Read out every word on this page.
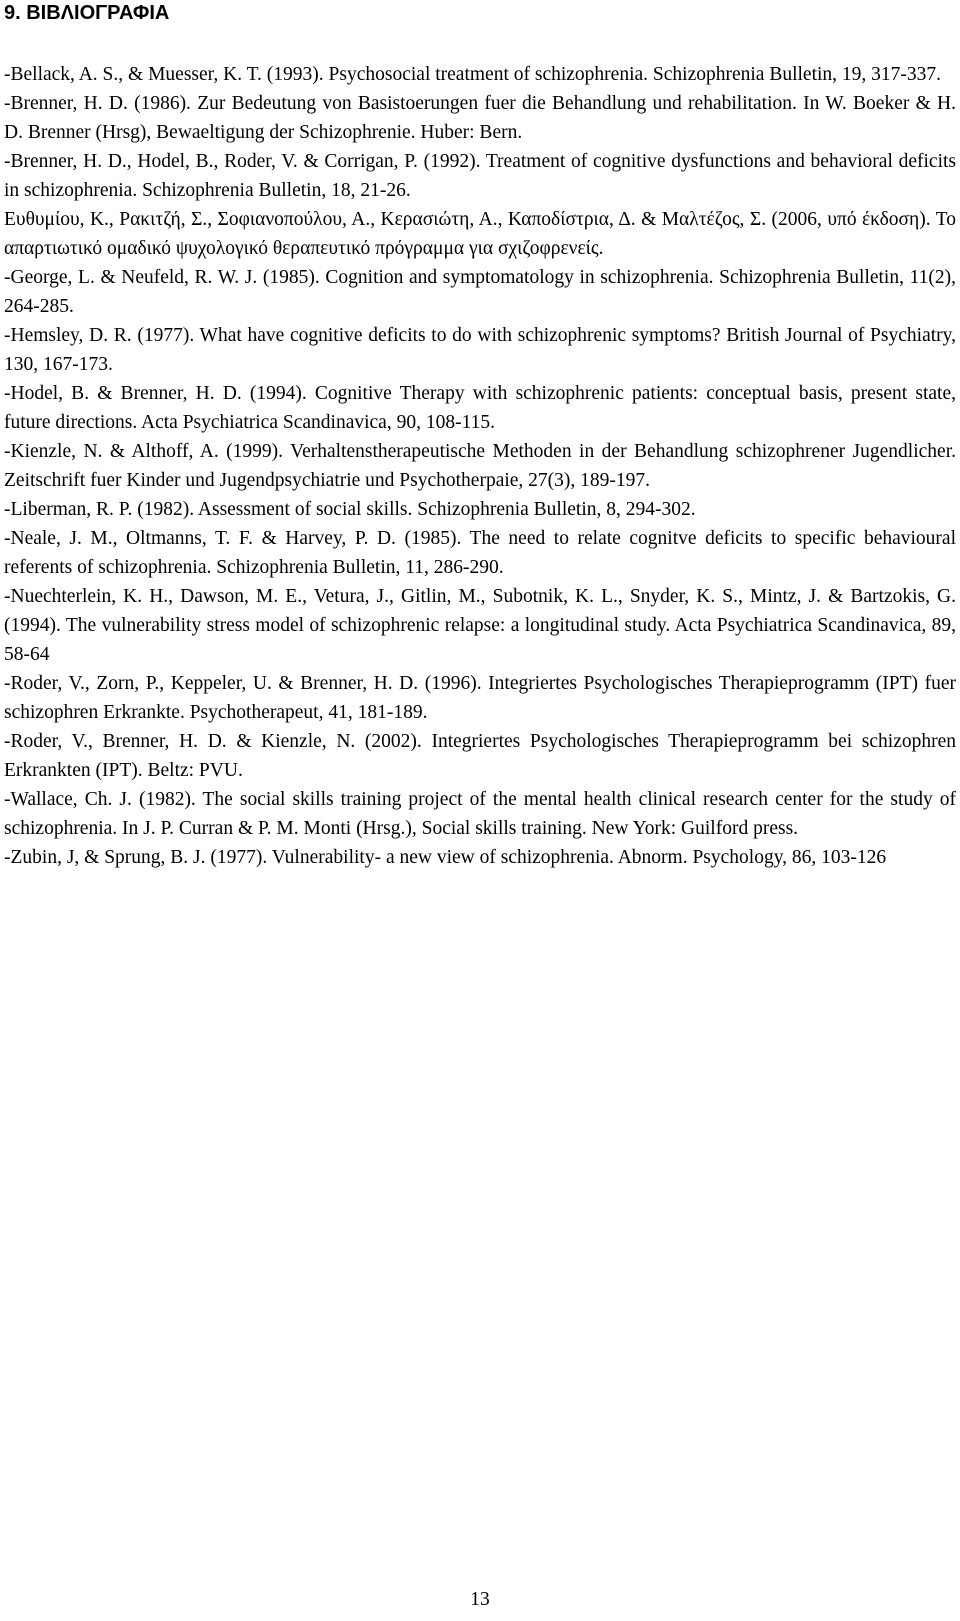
9. ΒΙΒΛΙΟΓΡΑΦΙΑ
-Bellack, A. S., & Muesser, K. T. (1993). Psychosocial treatment of schizophrenia. Schizophrenia Bulletin, 19, 317-337.
-Brenner, H. D. (1986). Zur Bedeutung von Basistoerungen fuer die Behandlung und rehabilitation. In W. Boeker & H. D. Brenner (Hrsg), Bewaeltigung der Schizophrenie. Huber: Bern.
-Brenner, H. D., Hodel, B., Roder, V. & Corrigan, P. (1992). Treatment of cognitive dysfunctions and behavioral deficits in schizophrenia. Schizophrenia Bulletin, 18, 21-26.
Ευθυμίου, Κ., Ρακιτζή, Σ., Σοφιανοπούλου, Α., Κερασιώτη, Α., Καποδίστρια, Δ. & Μαλτέζος, Σ. (2006, υπό έκδοση). Το απαρτιωτικό ομαδικό ψυχολογικό θεραπευτικό πρόγραμμα για σχιζοφρενείς.
-George, L. & Neufeld, R. W. J. (1985). Cognition and symptomatology in schizophrenia. Schizophrenia Bulletin, 11(2), 264-285.
-Hemsley, D. R. (1977). What have cognitive deficits to do with schizophrenic symptoms? British Journal of Psychiatry, 130, 167-173.
-Hodel, B. & Brenner, H. D. (1994). Cognitive Therapy with schizophrenic patients: conceptual basis, present state, future directions. Acta Psychiatrica Scandinavica, 90, 108-115.
-Kienzle, N. & Althoff, A. (1999). Verhaltenstherapeutische Methoden in der Behandlung schizophrener Jugendlicher. Zeitschrift fuer Kinder und Jugendpsychiatrie und Psychotherpaie, 27(3), 189-197.
-Liberman, R. P. (1982). Assessment of social skills. Schizophrenia Bulletin, 8, 294-302.
-Neale, J. M., Oltmanns, T. F. & Harvey, P. D. (1985). The need to relate cognitve deficits to specific behavioural referents of schizophrenia. Schizophrenia Bulletin, 11, 286-290.
-Nuechterlein, K. H., Dawson, M. E., Vetura, J., Gitlin, M., Subotnik, K. L., Snyder, K. S., Mintz, J. & Bartzokis, G. (1994). The vulnerability stress model of schizophrenic relapse: a longitudinal study. Acta Psychiatrica Scandinavica, 89, 58-64
-Roder, V., Zorn, P., Keppeler, U. & Brenner, H. D. (1996). Integriertes Psychologisches Therapieprogramm (IPT) fuer schizophren Erkrankte. Psychotherapeut, 41, 181-189.
-Roder, V., Brenner, H. D. & Kienzle, N. (2002). Integriertes Psychologisches Therapieprogramm bei schizophren Erkrankten (IPT). Beltz: PVU.
-Wallace, Ch. J. (1982). The social skills training project of the mental health clinical research center for the study of schizophrenia. In J. P. Curran & P. M. Monti (Hrsg.), Social skills training. New York: Guilford press.
-Zubin, J, & Sprung, B. J. (1977). Vulnerability- a new view of schizophrenia. Abnorm. Psychology, 86, 103-126
13
